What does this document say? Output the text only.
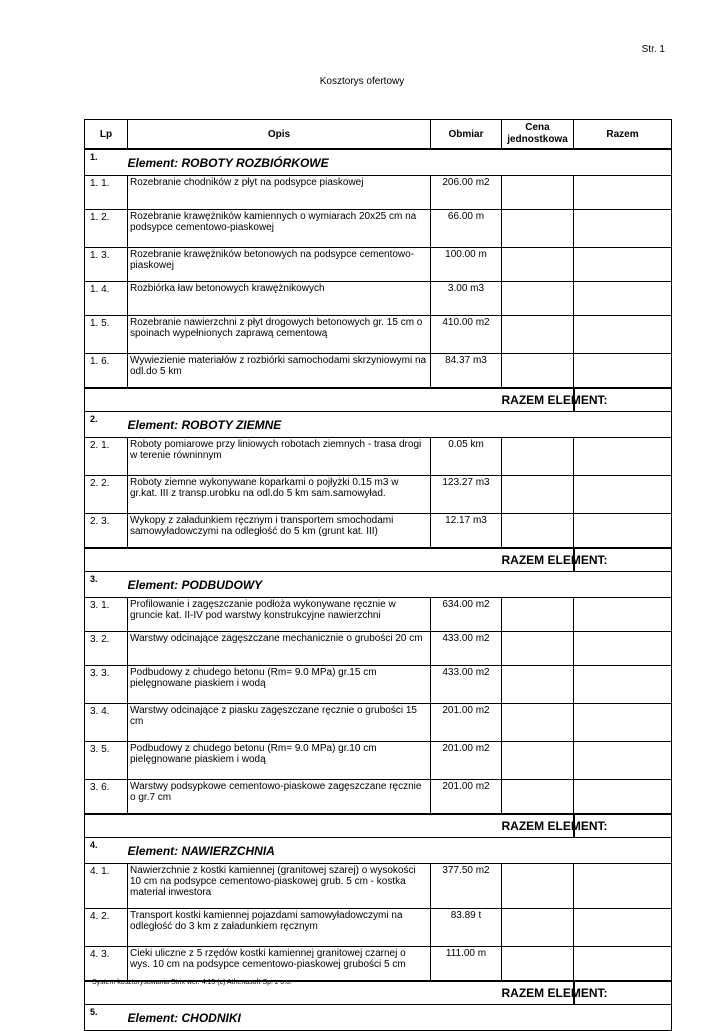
Str. 1
Kosztorys ofertowy
Lp	Opis	Obmiar	Cena jednostkowa	Razem
1.	Element: ROBOTY ROZBIÓRKOWE			
1. 1.	Rozebranie chodników z płyt na podsypce piaskowej	206.00 m2		
1. 2.	Rozebranie krawężników kamiennych o wymiarach 20x25 cm na podsypce cementowo-piaskowej	66.00 m		
1. 3.	Rozebranie krawężników betonowych na podsypce cementowo-piaskowej	100.00 m		
1. 4.	Rozbiórka ław betonowych krawężnikowych	3.00 m3		
1. 5.	Rozebranie nawierzchni z płyt drogowych betonowych gr. 15 cm o spoinach wypełnionych zaprawą cementową	410.00 m2		
1. 6.	Wywiezienie materiałów z rozbiórki samochodami skrzyniowymi na odl.do 5 km	84.37 m3		
			RAZEM ELEMENT:	
2.	Element: ROBOTY ZIEMNE			
2. 1.	Roboty pomiarowe przy liniowych robotach ziemnych - trasa drogi w terenie równinnym	0.05 km		
2. 2.	Roboty ziemne wykonywane koparkami o pojłyżki 0.15 m3 w gr.kat. III z transp.urobku na odl.do 5 km sam.samowyład.	123.27 m3		
2. 3.	Wykopy z załadunkiem ręcznym i transportem smochodami samowyładowczymi na odległość do 5 km (grunt kat. III)	12.17 m3		
			RAZEM ELEMENT:	
3.	Element: PODBUDOWY			
3. 1.	Profilowanie i zagęszczanie podłoża wykonywane ręcznie w gruncie kat. II-IV pod warstwy konstrukcyjne nawierzchni	634.00 m2		
3. 2.	Warstwy odcinające zagęszczane mechanicznie o grubości 20 cm	433.00 m2		
3. 3.	Podbudowy z chudego betonu (Rm= 9.0 MPa) gr.15 cm pielęgnowane piaskiem i wodą	433.00 m2		
3. 4.	Warstwy odcinające z piasku zagęszczane ręcznie o grubości 15 cm	201.00 m2		
3. 5.	Podbudowy z chudego betonu (Rm= 9.0 MPa) gr.10 cm pielęgnowane piaskiem i wodą	201.00 m2		
3. 6.	Warstwy podsypkowe cementowo-piaskowe zagęszczane ręcznie o gr.7 cm	201.00 m2		
			RAZEM ELEMENT:	
4.	Element: NAWIERZCHNIA			
4. 1.	Nawierzchnie z kostki kamiennej (granitowej szarej) o wysokości 10 cm na podsypce cementowo-piaskowej grub. 5 cm - kostka materiał inwestora	377.50 m2		
4. 2.	Transport kostki kamiennej pojazdami samowyładowczymi na odległość do 3 km z załadunkiem ręcznym	83.89 t		
4. 3.	Cieki uliczne z 5 rzędów kostki kamiennej granitowej czarnej o wys. 10 cm na podsypce cementowo-piaskowej grubości 5 cm	111.00 m		
			RAZEM ELEMENT:	
5.	Element: CHODNIKI			
System kosztorysowania Strix wer. 4.15 (c) Athenasoft Sp. z o.o.
